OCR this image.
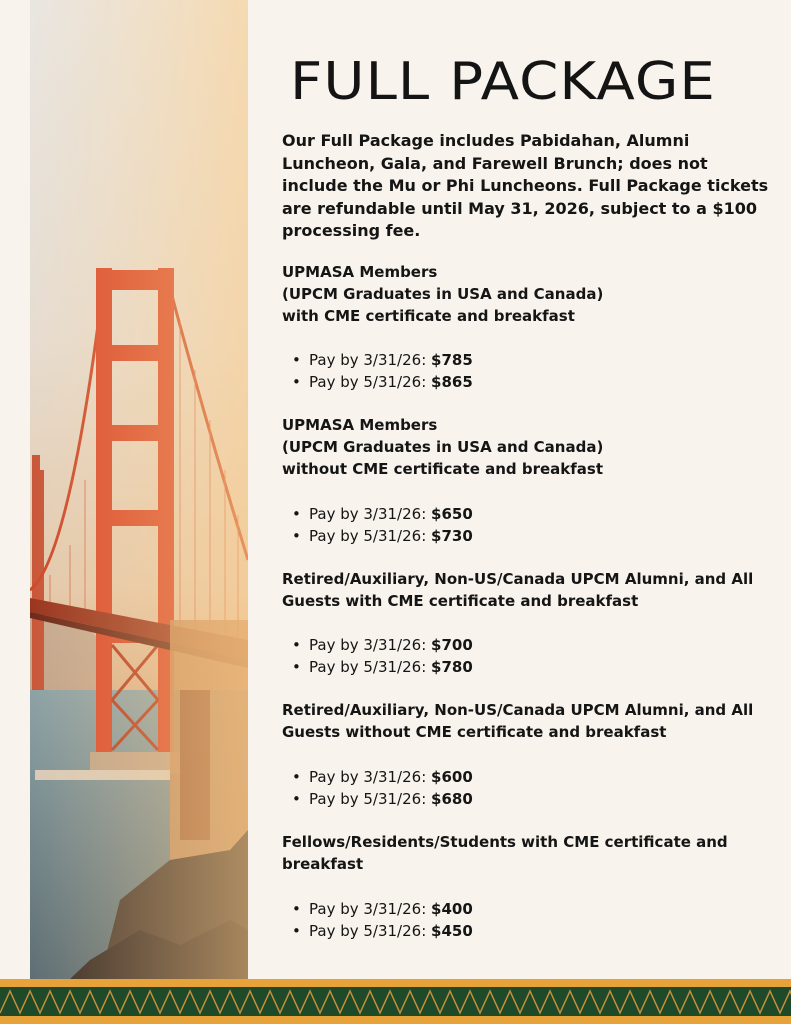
FULL PACKAGE

Our Full Package includes Pabidahan, Alumni Luncheon, Gala, and Farewell Brunch; does not include the Mu or Phi Luncheons. Full Package tickets are refundable until May 31, 2026, subject to a $100 processing fee.

UPMASA Members
(UPCM Graduates in USA and Canada)
with CME certificate and breakfast

• Pay by 3/31/26: $785
• Pay by 5/31/26: $865

UPMASA Members
(UPCM Graduates in USA and Canada)
without CME certificate and breakfast

• Pay by 3/31/26: $650
• Pay by 5/31/26: $730

Retired/Auxiliary, Non-US/Canada UPCM Alumni, and All
Guests with CME certificate and breakfast

• Pay by 3/31/26: $700
• Pay by 5/31/26: $780

Retired/Auxiliary, Non-US/Canada UPCM Alumni, and All
Guests without CME certificate and breakfast

• Pay by 3/31/26: $600
• Pay by 5/31/26: $680

Fellows/Residents/Students with CME certificate and
breakfast

• Pay by 3/31/26: $400
• Pay by 5/31/26: $450
